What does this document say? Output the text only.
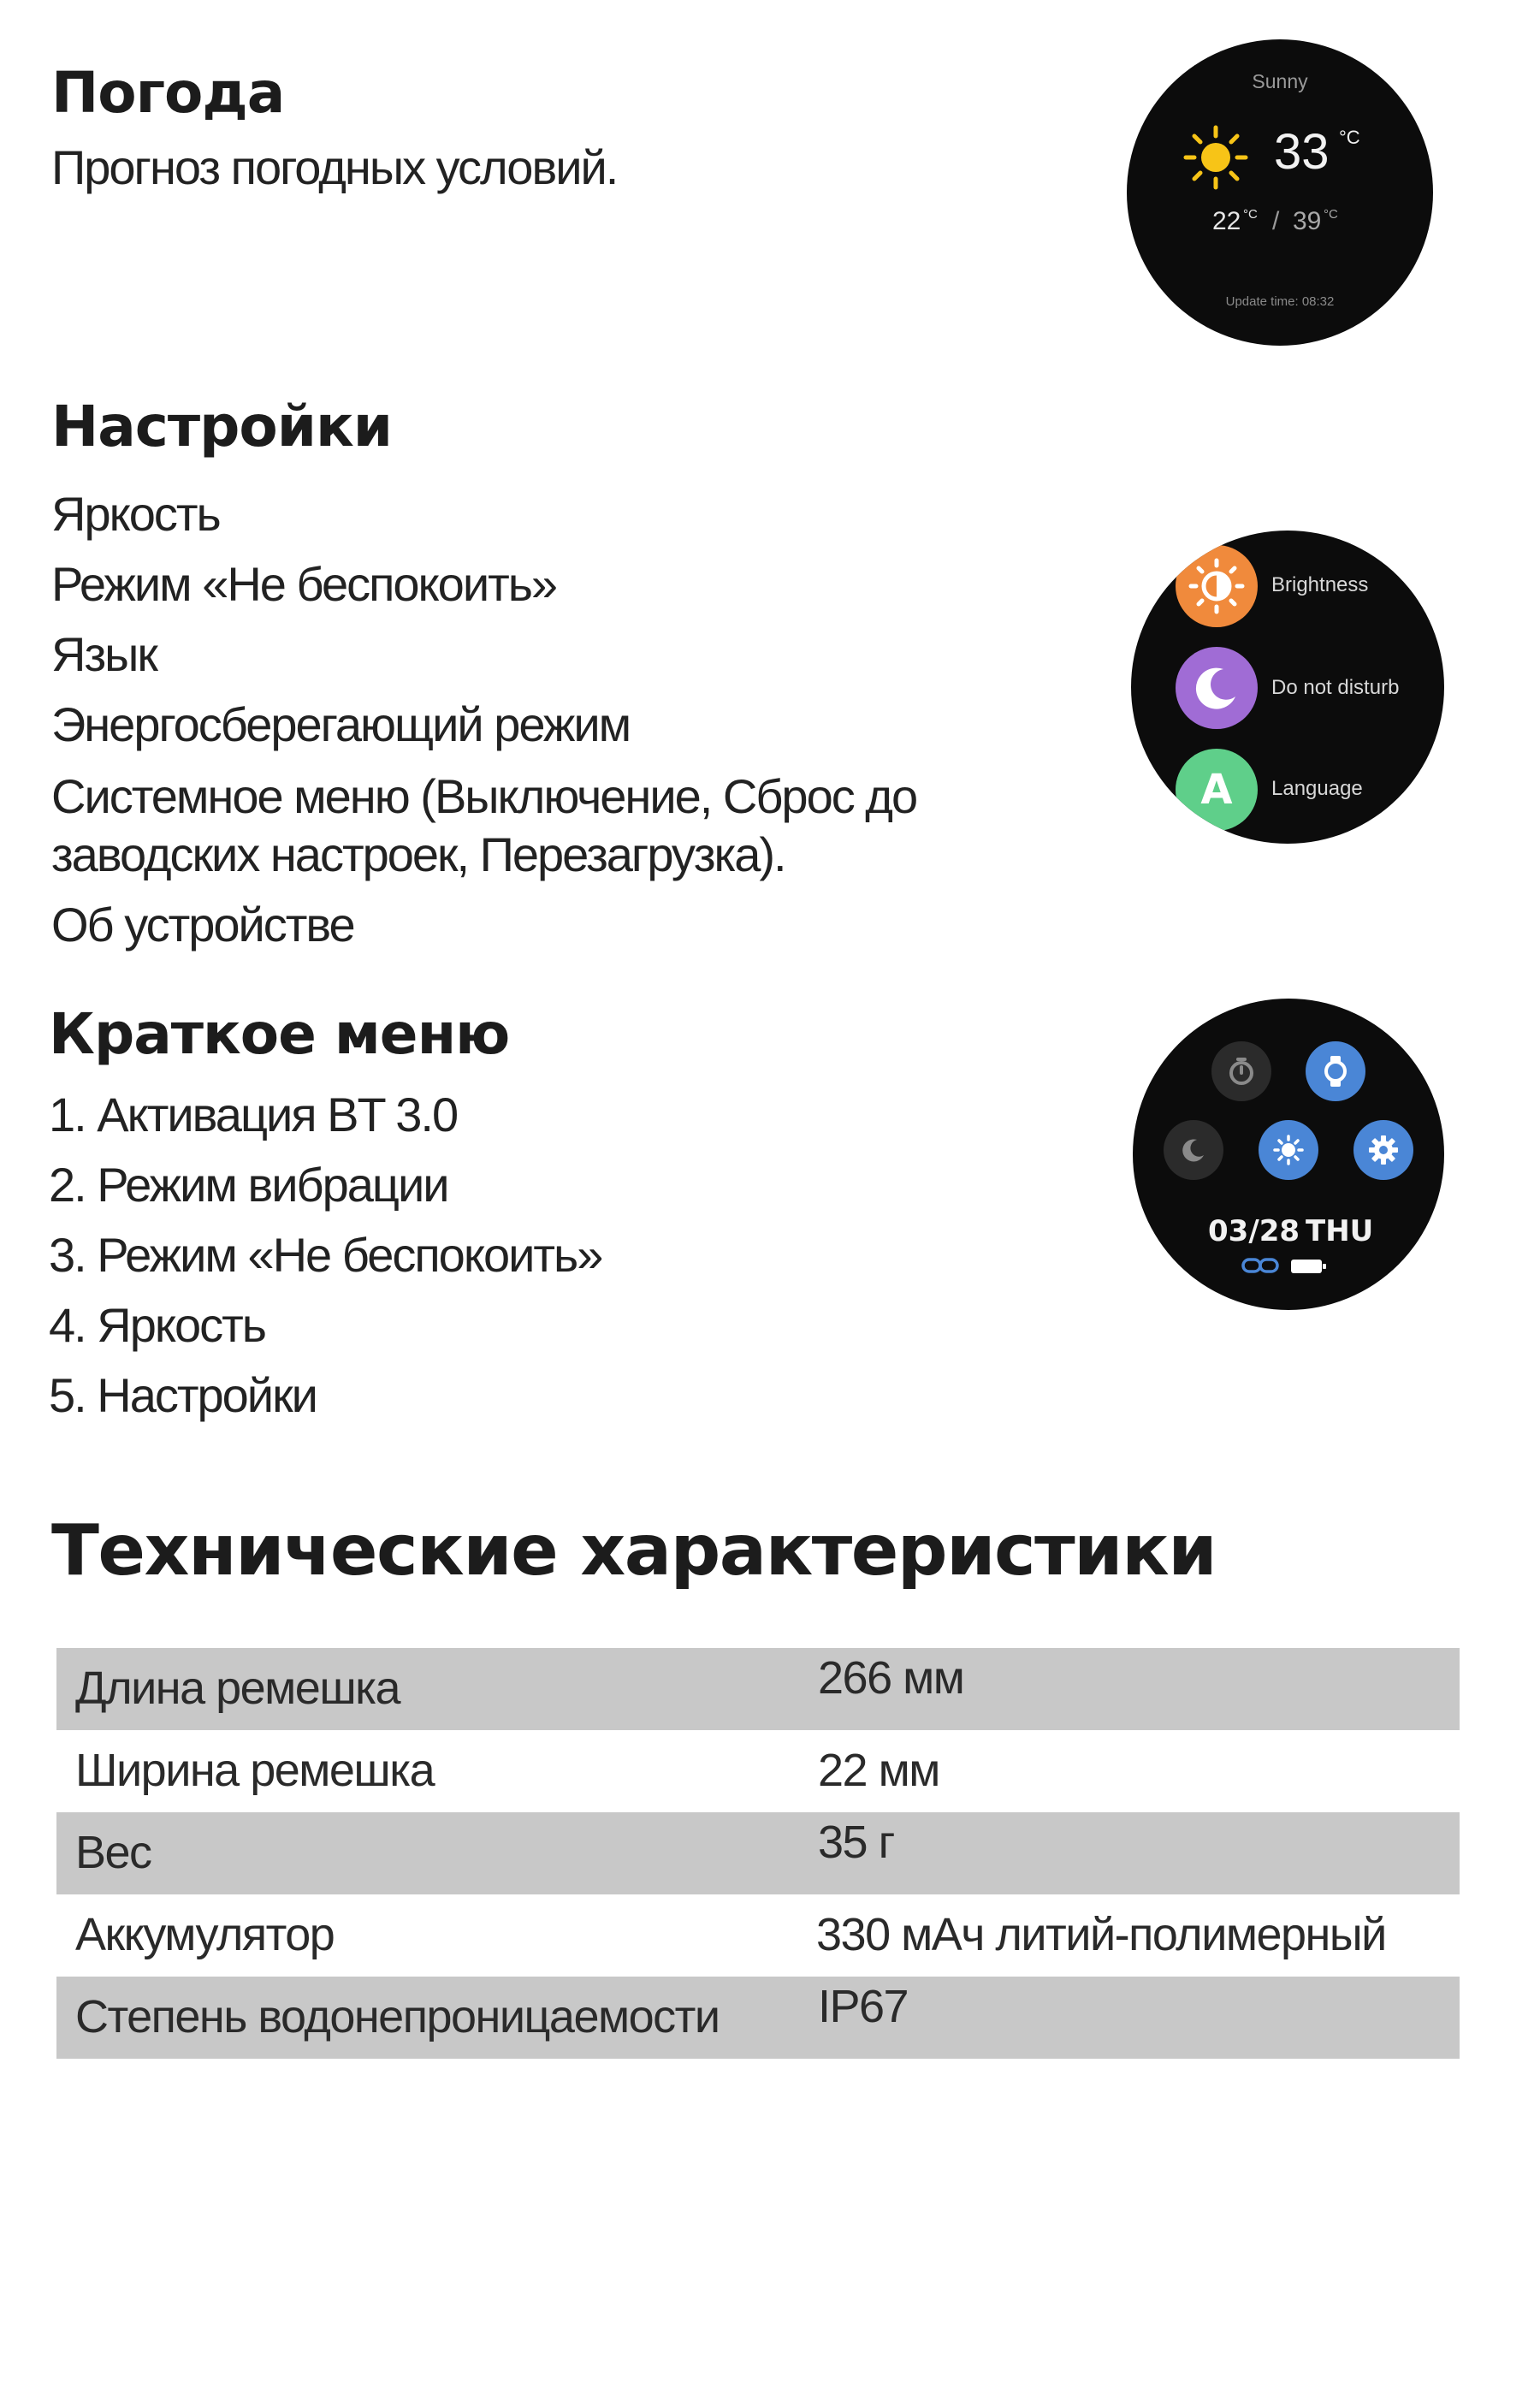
Погода
Прогноз погодных условий.
Sunny
33 °C
22 °C / 39 °C
Update time: 08:32
Настройки
Яркость
Режим «Не беспокоить»
Язык
Энергосберегающий режим
Системное меню (Выключение, Сброс до заводских настроек, Перезагрузка).
Об устройстве
Brightness
Do not disturb
A Language
Краткое меню
1. Активация BT 3.0
2. Режим вибрации
3. Режим «Не беспокоить»
4. Яркость
5. Настройки
03/28 THU
Технические характеристики
Длина ремешка	266 мм
Ширина ремешка	22 мм
Вес	35 г
Аккумулятор	330 мАч литий-полимерный
Степень водонепроницаемости IP67
